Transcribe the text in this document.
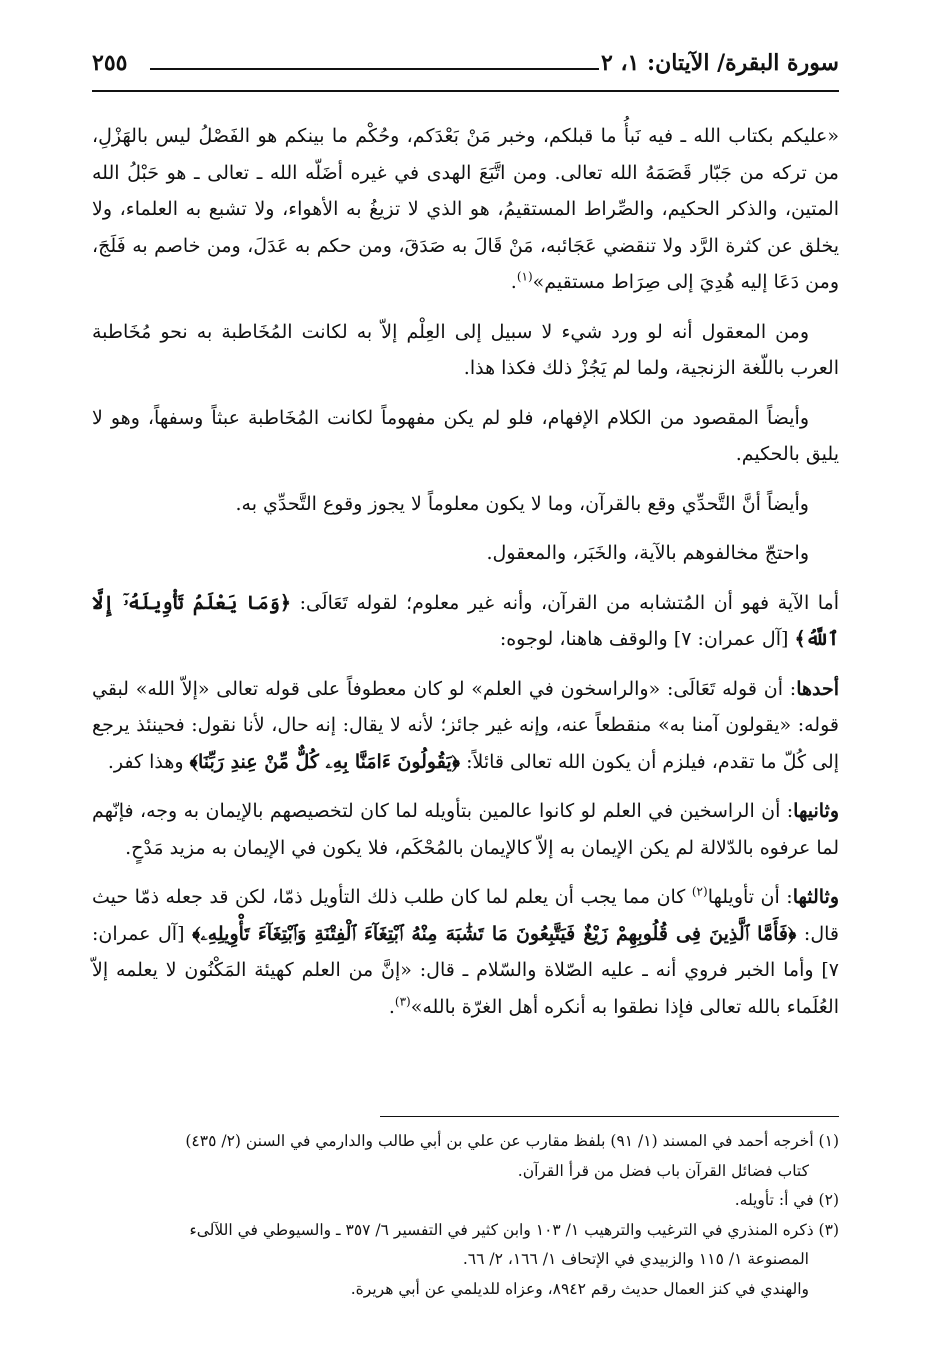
سورة البقرة/ الآيتان: ١، ٢
٢٥٥

«عليكم بكتاب الله ـ فيه نَبأُ ما قبلكم، وخبر مَنْ بَعْدَكم، وحُكْم ما بينكم هو الفَصْلُ ليس بالهَزْلِ، من تركه من جَبّار قَصَمَهُ الله تعالى. ومن اتَّبَعَ الهدى في غيره أضَلّه الله ـ تعالى ـ هو حَبْلُ الله المتين، والذكر الحكيم، والصِّراط المستقيمُ، هو الذي لا تزيغُ به الأهواء، ولا تشبع به العلماء، ولا يخلق عن كثرة الرَّد ولا تنقضي عَجَائبه، مَنْ قَالَ به صَدَقَ، ومن حكم به عَدَلَ، ومن خاصم به فَلَجَ، ومن دَعَا إليه هُدِيَ إلى صِرَاط مستقيم»$^{(١)}$.

ومن المعقول أنه لو ورد شيء لا سبيل إلى العِلْم إلاّ به لكانت المُخَاطبة به نحو مُخَاطبة العرب باللّغة الزنجية، ولما لم يَجُزْ ذلك فكذا هذا.

وأيضاً المقصود من الكلام الإفهام، فلو لم يكن مفهوماً لكانت المُخَاطبة عبثاً وسفهاً، وهو لا يليق بالحكيم.

وأيضاً أنَّ التَّحدِّي وقع بالقرآن، وما لا يكون معلوماً لا يجوز وقوع التَّحدِّي به.

واحتجّ مخالفوهم بالآية، والخَبَر، والمعقول.

أما الآية فهو أن المُتشابه من القرآن، وأنه غير معلوم؛ لقوله تَعَالَى: ﴿وَمَا يَعْلَمُ تَأْوِيلَهُۥٓ إِلَّا ٱللَّهُ﴾ [آل عمران: ٧] والوقف هاهنا، لوجوه:

أحدها: أن قوله تَعَالَى: «والراسخون في العلم» لو كان معطوفاً على قوله تعالى «إلاّ الله» لبقي قوله: «يقولون آمنا به» منقطعاً عنه، وإنه غير جائز؛ لأنه لا يقال: إنه حال، لأنا نقول: فحينئذ يرجع إلى كُلّ ما تقدم، فيلزم أن يكون الله تعالى قائلاً: ﴿يَقُولُونَ ءَامَنَّا بِهِۦ كُلٌّ مِّنْ عِندِ رَبِّنَا﴾ وهذا كفر.

وثانيها: أن الراسخين في العلم لو كانوا عالمين بتأويله لما كان لتخصيصهم بالإيمان به وجه، فإنّهم لما عرفوه بالدّلالة لم يكن الإيمان به إلاّ كالإيمان بالمُحْكَم، فلا يكون في الإيمان به مزيد مَدْحٍ.

وثالثها: أن تأويلها$^{(٢)}$ كان مما يجب أن يعلم لما كان طلب ذلك التأويل ذمّا، لكن قد جعله ذمّا حيث قال: ﴿فَأَمَّا ٱلَّذِينَ فِى قُلُوبِهِمْ زَيْغٌ فَيَتَّبِعُونَ مَا تَشَٰبَهَ مِنْهُ ٱبْتِغَآءَ ٱلْفِتْنَةِ وَٱبْتِغَآءَ تَأْوِيلِهِۦ﴾ [آل عمران: ٧] وأما الخبر فروي أنه ـ عليه الصّلاة والسّلام ـ قال: «إنَّ من العلم كهيئة المَكْنُون لا يعلمه إلاّ العُلَماء بالله تعالى فإذا نطقوا به أنكره أهل الغرّة بالله»$^{(٣)}$.

(١) أخرجه أحمد في المسند (١/ ٩١) بلفظ مقارب عن علي بن أبي طالب والدارمي في السنن (٢/ ٤٣٥)

كتاب فضائل القرآن باب فضل من قرأ القرآن.

(٢) في أ: تأويله.

(٣) ذكره المنذري في الترغيب والترهيب ١/ ١٠٣ وابن كثير في التفسير ٦/ ٣٥٧ ـ والسيوطي في اللآلىء

المصنوعة ١/ ١١٥ والزبيدي في الإتحاف ١/ ١٦٦، ٢/ ٦٦.

والهندي في كنز العمال حديث رقم ٨٩٤٢، وعزاه للديلمي عن أبي هريرة.
